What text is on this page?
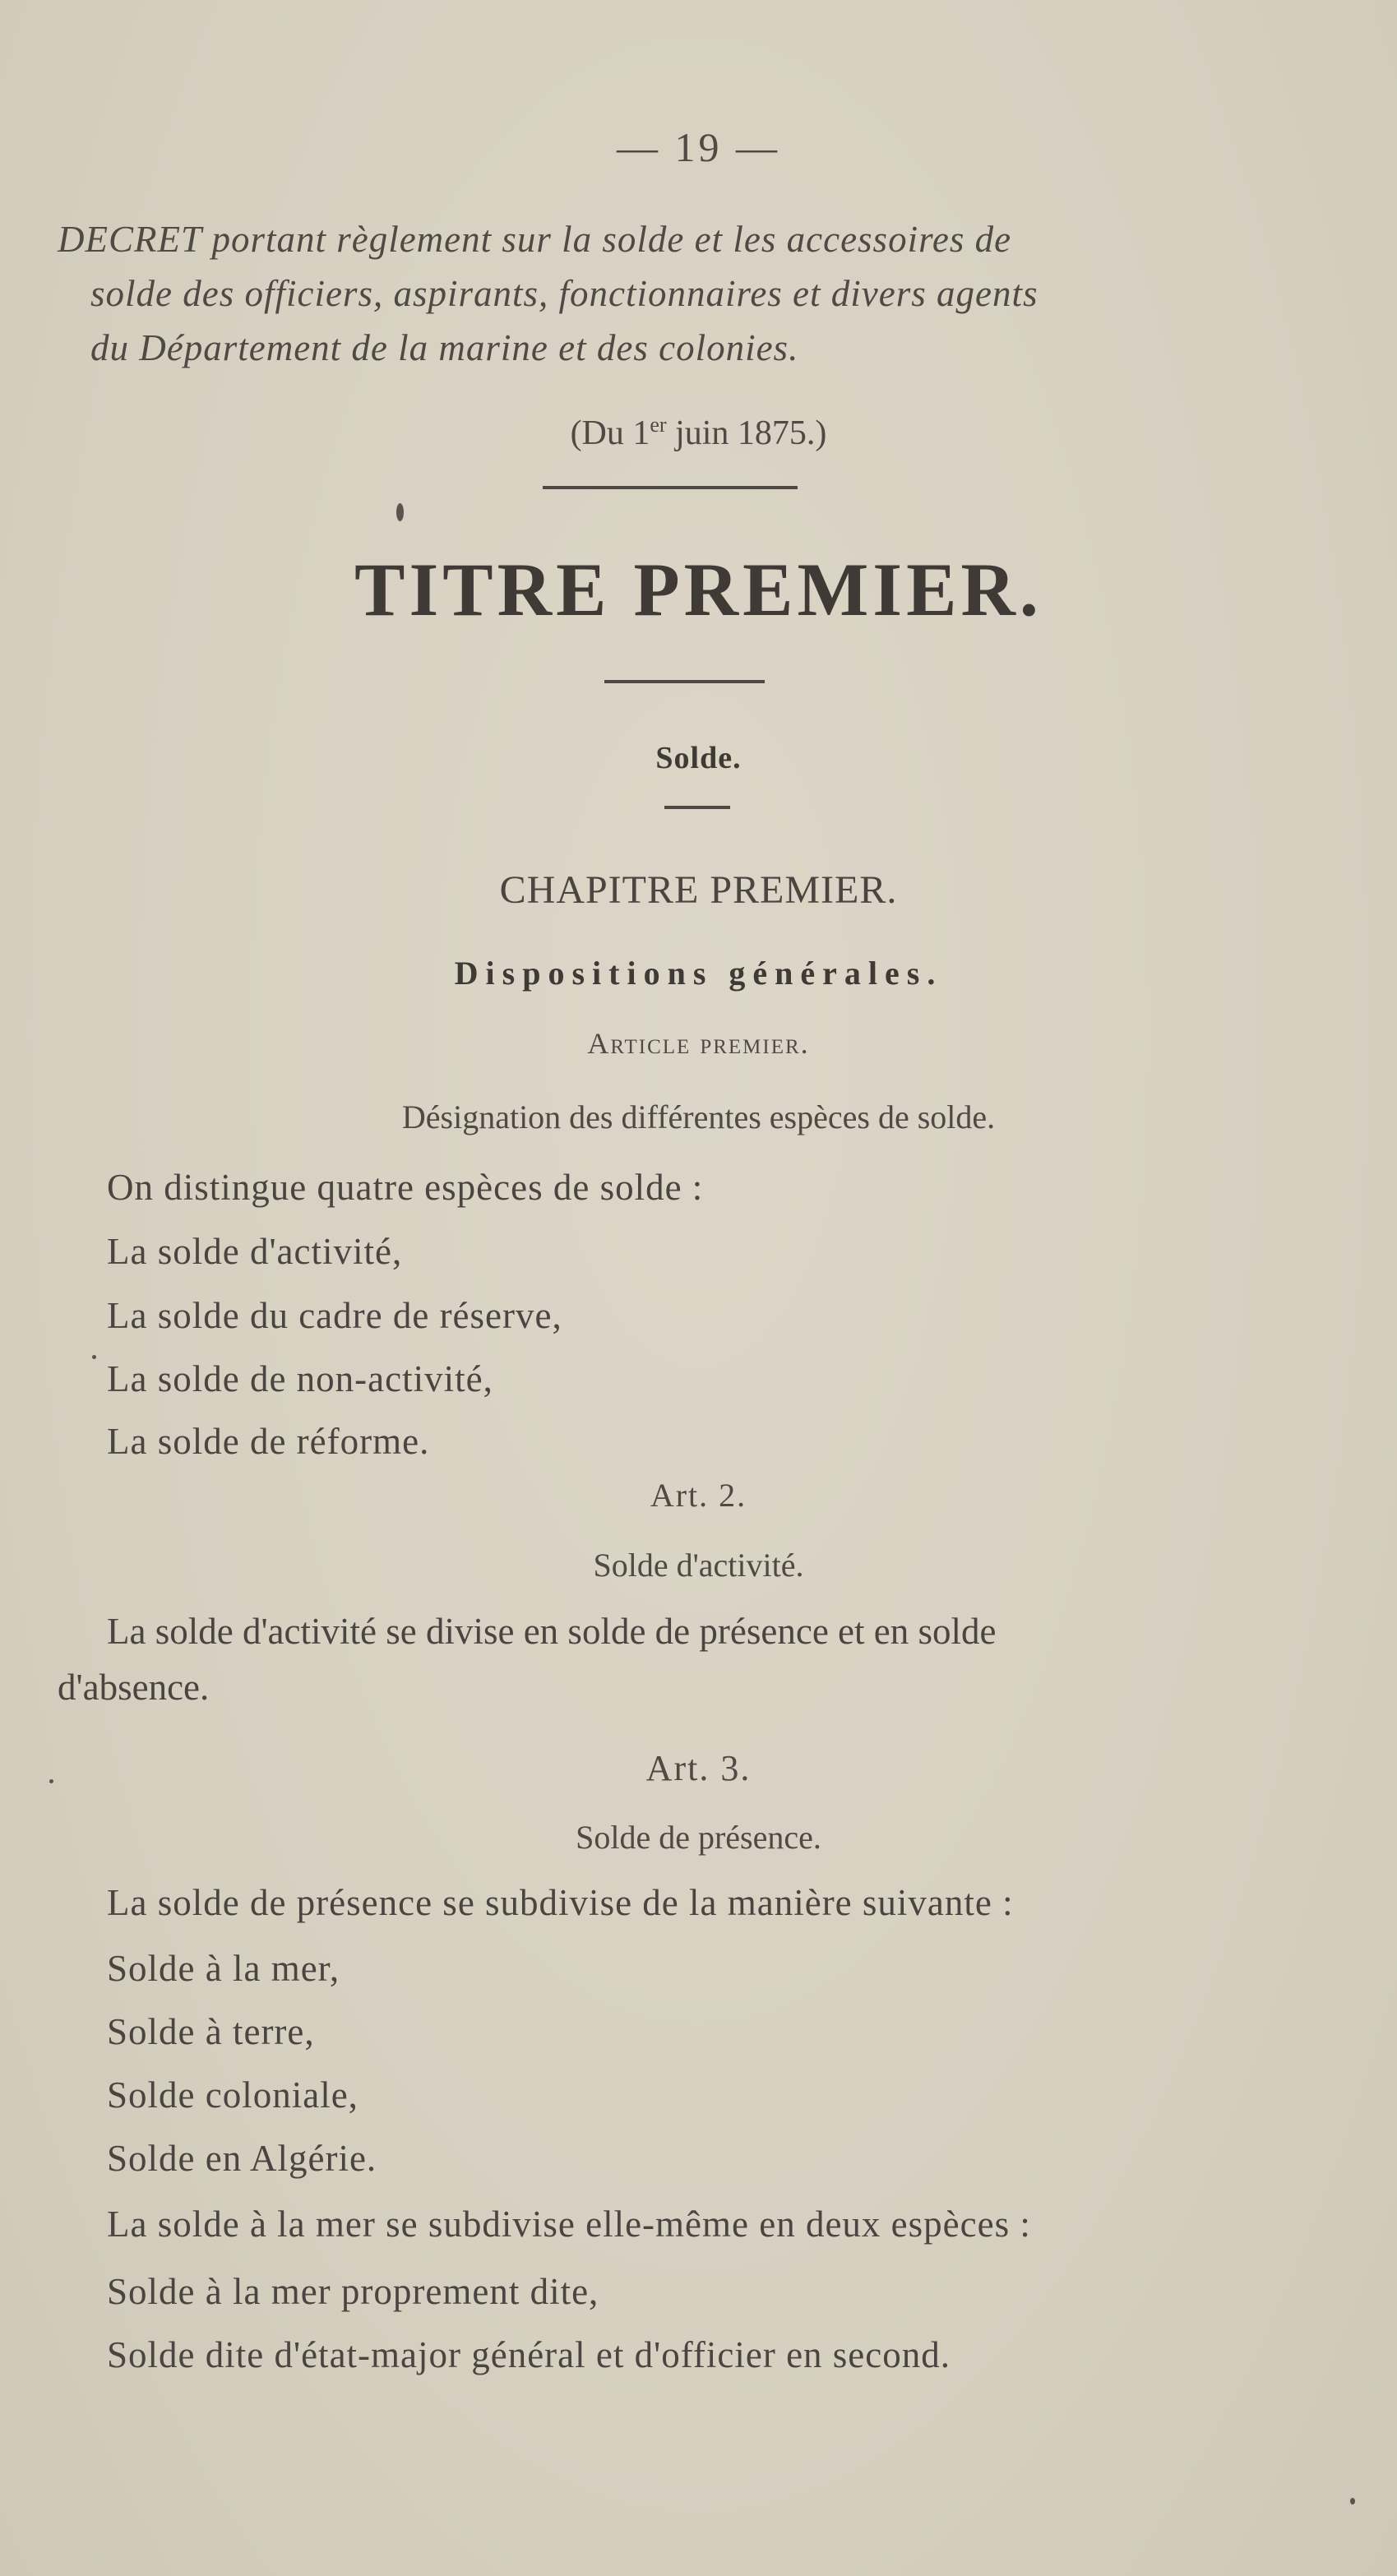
— 19 —
DECRET portant règlement sur la solde et les accessoires de
solde des officiers, aspirants, fonctionnaires et divers agents
du Département de la marine et des colonies.
(Du 1er juin 1875.)
TITRE PREMIER.
Solde.
CHAPITRE PREMIER.
Dispositions générales.
Article premier.
Désignation des différentes espèces de solde.
On distingue quatre espèces de solde :
La solde d'activité,
La solde du cadre de réserve,
La solde de non-activité,
La solde de réforme.
Art. 2.
Solde d'activité.
La solde d'activité se divise en solde de présence et en solde
d'absence.
Art. 3.
Solde de présence.
La solde de présence se subdivise de la manière suivante :
Solde à la mer,
Solde à terre,
Solde coloniale,
Solde en Algérie.
La solde à la mer se subdivise elle-même en deux espèces :
Solde à la mer proprement dite,
Solde dite d'état-major général et d'officier en second.
